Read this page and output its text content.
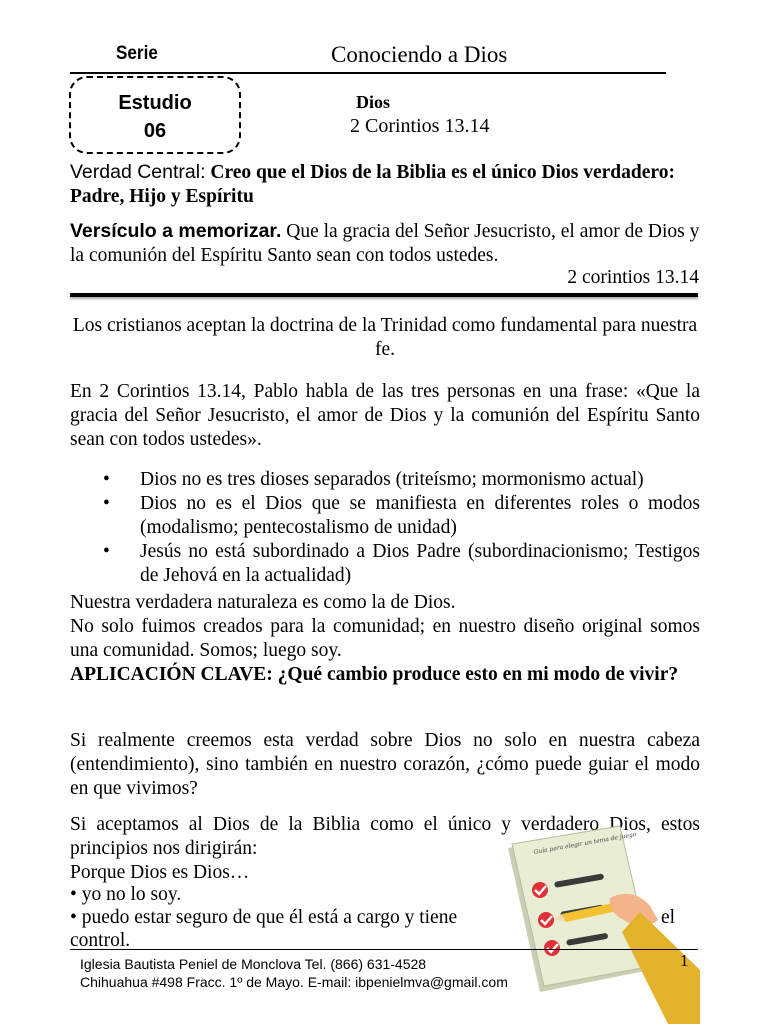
Serie	Conociendo a Dios
Estudio
06
Dios
2 Corintios 13.14
Verdad Central: Creo que el Dios de la Biblia es el único Dios verdadero: Padre, Hijo y Espíritu
Versículo a memorizar. Que la gracia del Señor Jesucristo, el amor de Dios y la comunión del Espíritu Santo sean con todos ustedes.
2 corintios 13.14
Los cristianos aceptan la doctrina de la Trinidad como fundamental para nuestra fe.
En 2 Corintios 13.14, Pablo habla de las tres personas en una frase: «Que la gracia del Señor Jesucristo, el amor de Dios y la comunión del Espíritu Santo sean con todos ustedes».
• Dios no es tres dioses separados (triteísmo; mormonismo actual)
• Dios no es el Dios que se manifiesta en diferentes roles o modos (modalismo; pentecostalismo de unidad)
• Jesús no está subordinado a Dios Padre (subordinacionismo; Testigos de Jehová en la actualidad)
Nuestra verdadera naturaleza es como la de Dios.
No solo fuimos creados para la comunidad; en nuestro diseño original somos una comunidad. Somos; luego soy.
APLICACIÓN CLAVE: ¿Qué cambio produce esto en mi modo de vivir?
Si realmente creemos esta verdad sobre Dios no solo en nuestra cabeza (entendimiento), sino también en nuestro corazón, ¿cómo puede guiar el modo en que vivimos?
Si aceptamos al Dios de la Biblia como el único y verdadero Dios, estos principios nos dirigirán:
Porque Dios es Dios…
• yo no lo soy.
• puedo estar seguro de que él está a cargo y tiene
control.
el
Guía para elegir un tema de juego
Iglesia Bautista Peniel de Monclova Tel. (866) 631-4528
Chihuahua #498 Fracc. 1º de Mayo. E-mail: ibpenielmva@gmail.com
1
